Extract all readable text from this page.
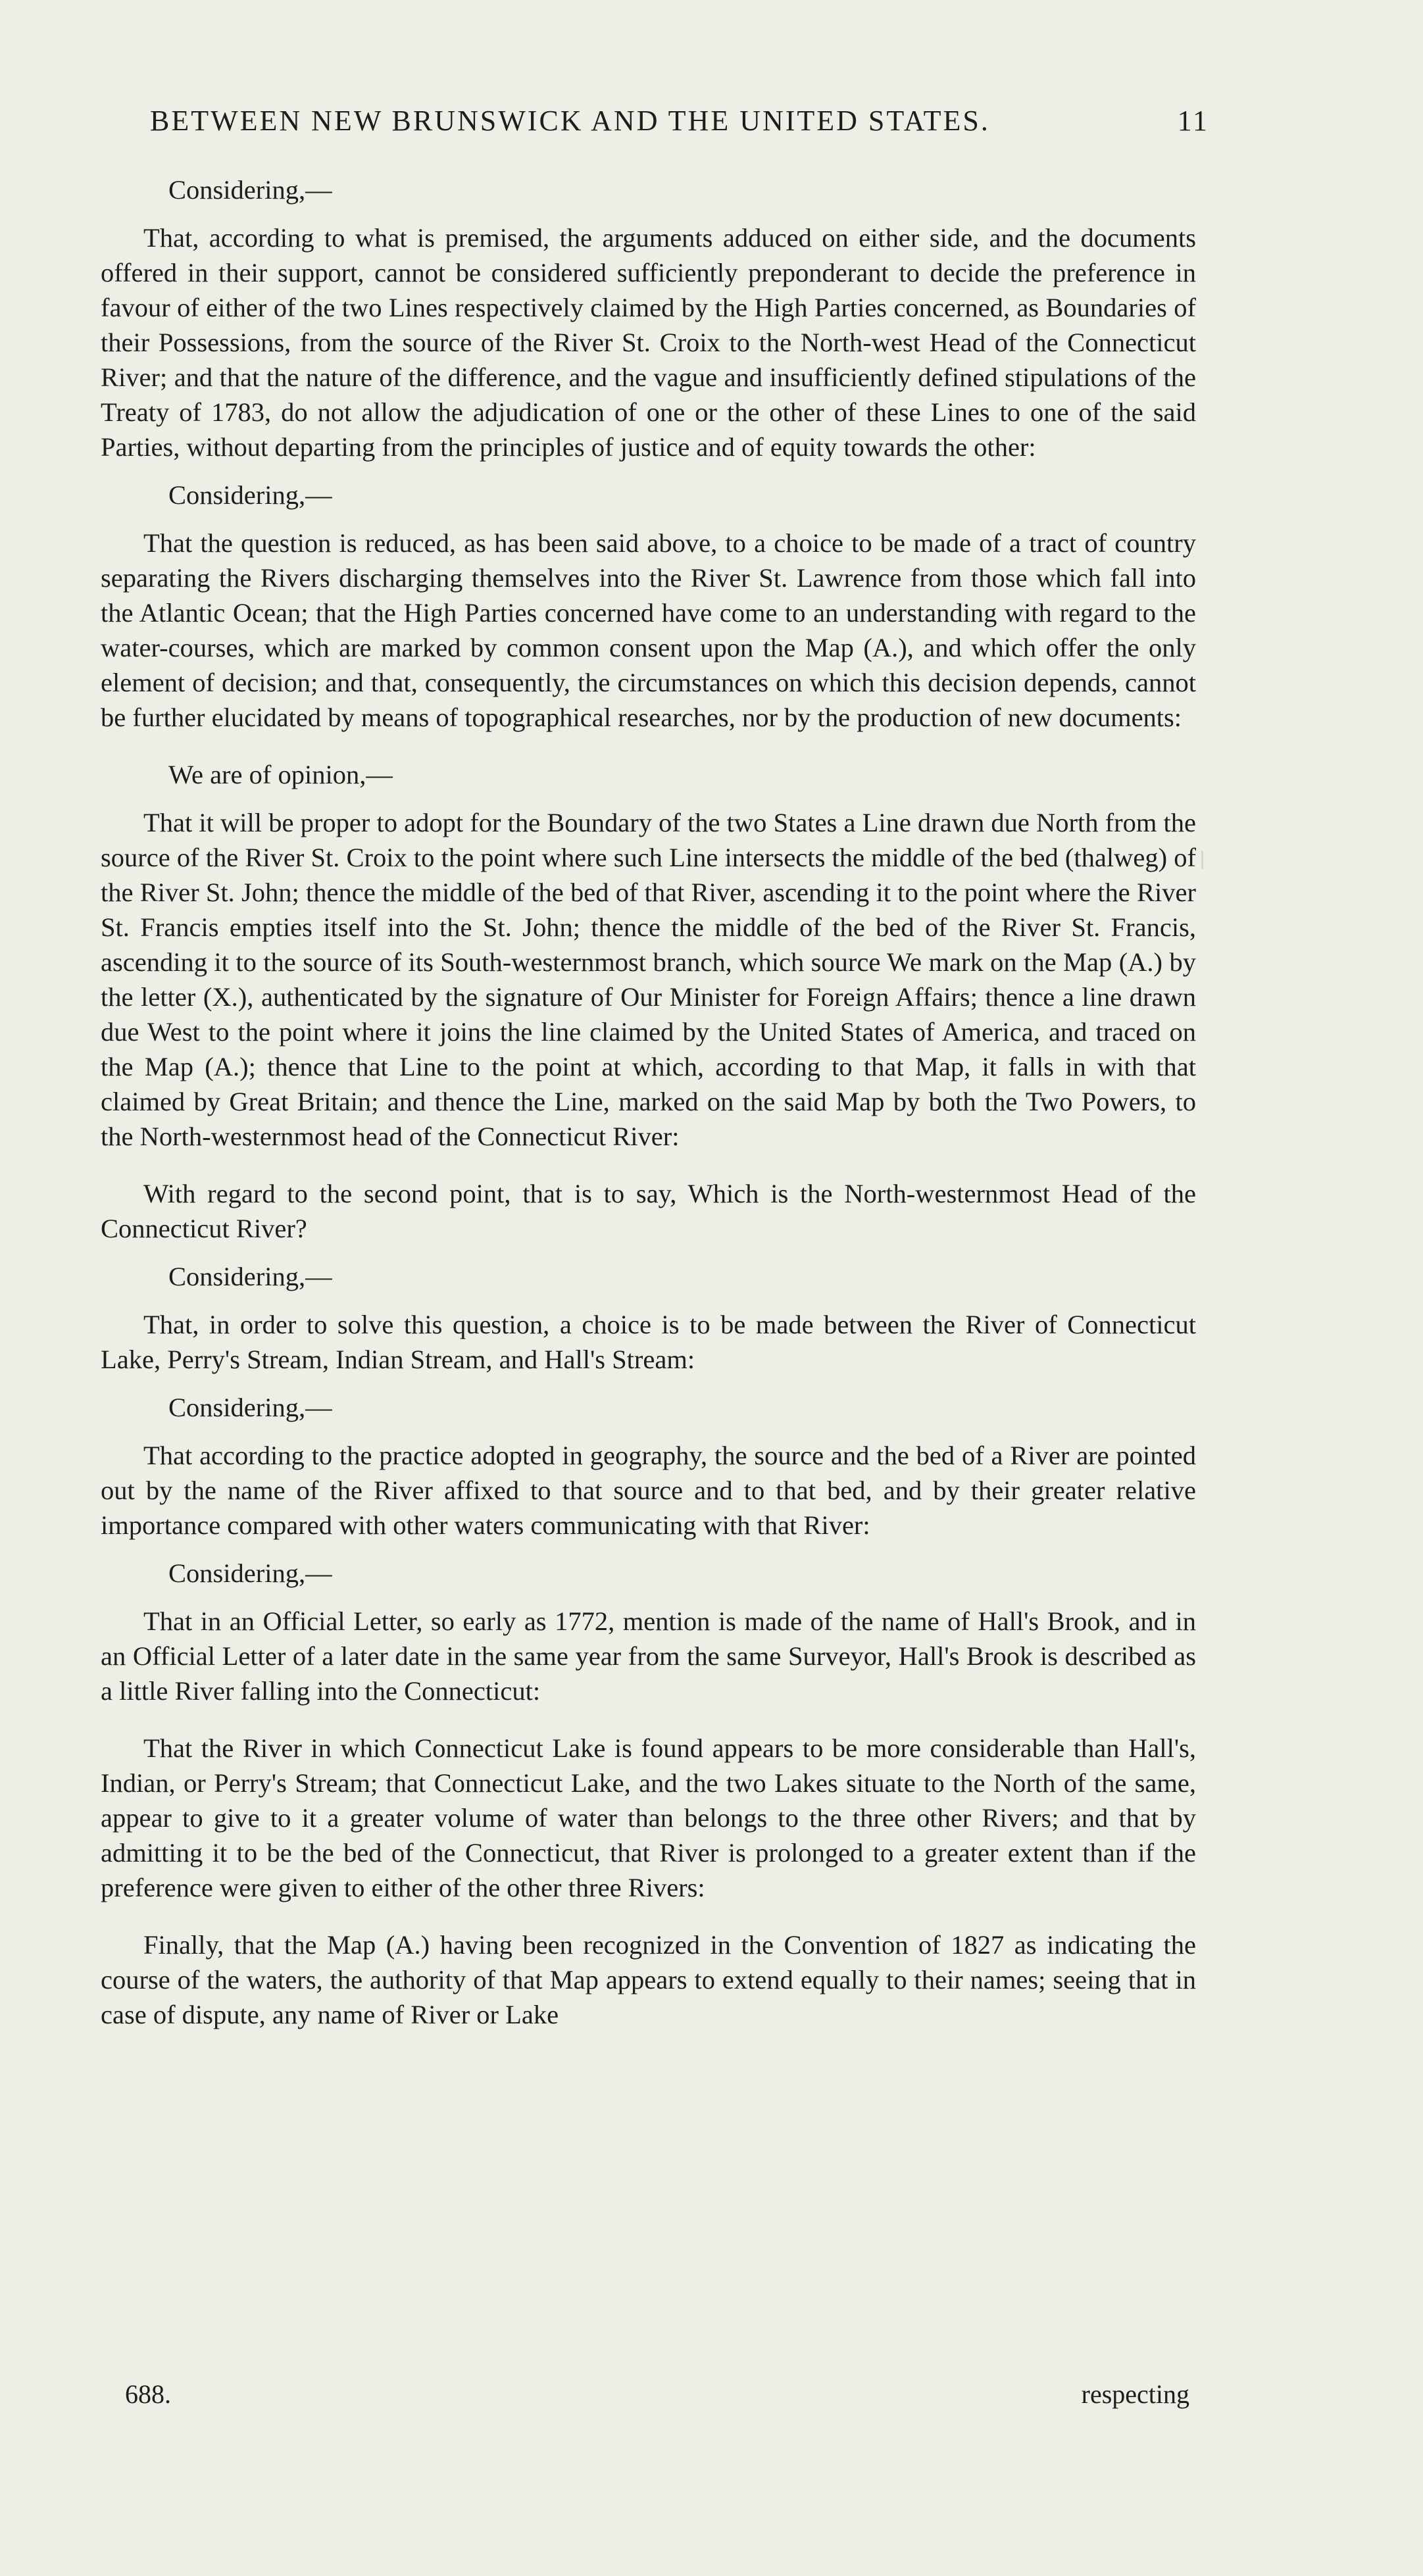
BETWEEN NEW BRUNSWICK AND THE UNITED STATES.	11

Considering,—

That, according to what is premised, the arguments adduced on either side, and the documents offered in their support, cannot be considered sufficiently preponderant to decide the preference in favour of either of the two Lines respectively claimed by the High Parties concerned, as Boundaries of their Possessions, from the source of the River St. Croix to the North-west Head of the Connecticut River; and that the nature of the difference, and the vague and insufficiently defined stipulations of the Treaty of 1783, do not allow the adjudication of one or the other of these Lines to one of the said Parties, without departing from the principles of justice and of equity towards the other:

Considering,—

That the question is reduced, as has been said above, to a choice to be made of a tract of country separating the Rivers discharging themselves into the River St. Lawrence from those which fall into the Atlantic Ocean; that the High Parties concerned have come to an understanding with regard to the water-courses, which are marked by common consent upon the Map (A.), and which offer the only element of decision; and that, consequently, the circumstances on which this decision depends, cannot be further elucidated by means of topographical researches, nor by the production of new documents:

We are of opinion,—

That it will be proper to adopt for the Boundary of the two States a Line drawn due North from the source of the River St. Croix to the point where such Line intersects the middle of the bed (thalweg) of the River St. John; thence the middle of the bed of that River, ascending it to the point where the River St. Francis empties itself into the St. John; thence the middle of the bed of the River St. Francis, ascending it to the source of its South-westernmost branch, which source We mark on the Map (A.) by the letter (X.), authenticated by the signature of Our Minister for Foreign Affairs; thence a line drawn due West to the point where it joins the line claimed by the United States of America, and traced on the Map (A.); thence that Line to the point at which, according to that Map, it falls in with that claimed by Great Britain; and thence the Line, marked on the said Map by both the Two Powers, to the North-westernmost head of the Connecticut River:

With regard to the second point, that is to say, Which is the North-westernmost Head of the Connecticut River?

Considering,—

That, in order to solve this question, a choice is to be made between the River of Connecticut Lake, Perry's Stream, Indian Stream, and Hall's Stream:

Considering,—

That according to the practice adopted in geography, the source and the bed of a River are pointed out by the name of the River affixed to that source and to that bed, and by their greater relative importance compared with other waters communicating with that River:

Considering,—

That in an Official Letter, so early as 1772, mention is made of the name of Hall's Brook, and in an Official Letter of a later date in the same year from the same Surveyor, Hall's Brook is described as a little River falling into the Connecticut:

That the River in which Connecticut Lake is found appears to be more considerable than Hall's, Indian, or Perry's Stream; that Connecticut Lake, and the two Lakes situate to the North of the same, appear to give to it a greater volume of water than belongs to the three other Rivers; and that by admitting it to be the bed of the Connecticut, that River is prolonged to a greater extent than if the preference were given to either of the other three Rivers:

Finally, that the Map (A.) having been recognized in the Convention of 1827 as indicating the course of the waters, the authority of that Map appears to extend equally to their names; seeing that in case of dispute, any name of River or Lake

688.	respecting
